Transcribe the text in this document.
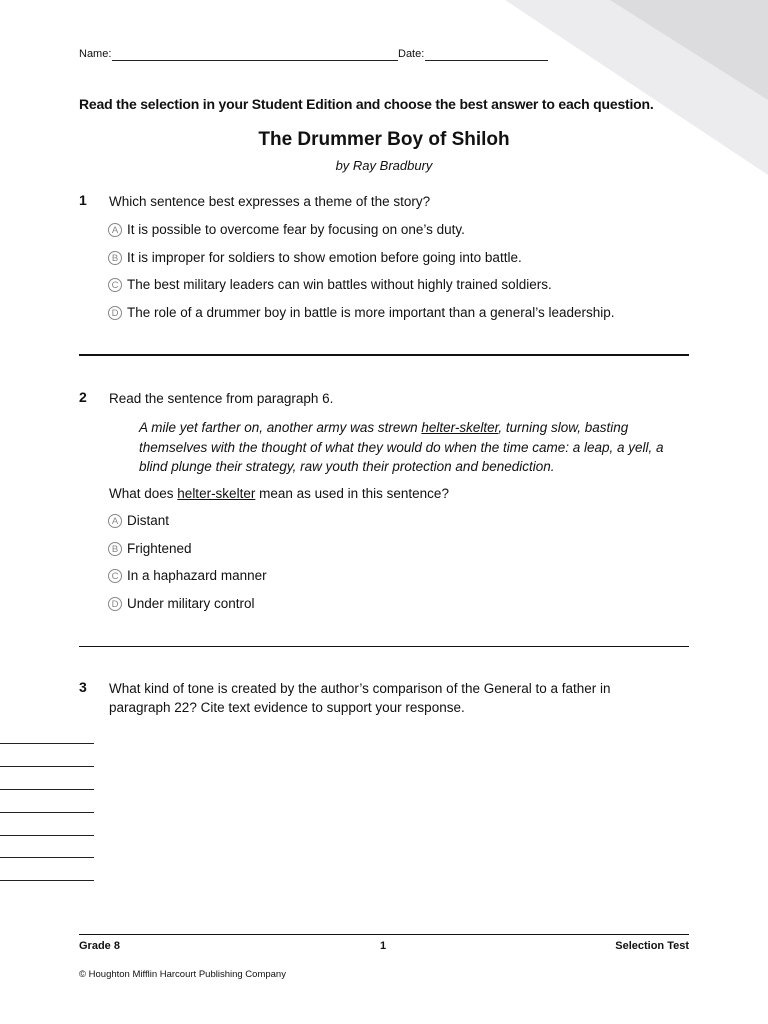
Name:	Date:
Read the selection in your Student Edition and choose the best answer to each question.
The Drummer Boy of Shiloh
by Ray Bradbury
1 Which sentence best expresses a theme of the story?
A It is possible to overcome fear by focusing on one’s duty.
B It is improper for soldiers to show emotion before going into battle.
C The best military leaders can win battles without highly trained soldiers.
D The role of a drummer boy in battle is more important than a general’s leadership.
2 Read the sentence from paragraph 6.
A mile yet farther on, another army was strewn helter-skelter, turning slow, basting themselves with the thought of what they would do when the time came: a leap, a yell, a blind plunge their strategy, raw youth their protection and benediction.
What does helter-skelter mean as used in this sentence?
A Distant
B Frightened
C In a haphazard manner
D Under military control
3 What kind of tone is created by the author’s comparison of the General to a father in paragraph 22? Cite text evidence to support your response.
Grade 8	1	Selection Test
© Houghton Mifflin Harcourt Publishing Company
